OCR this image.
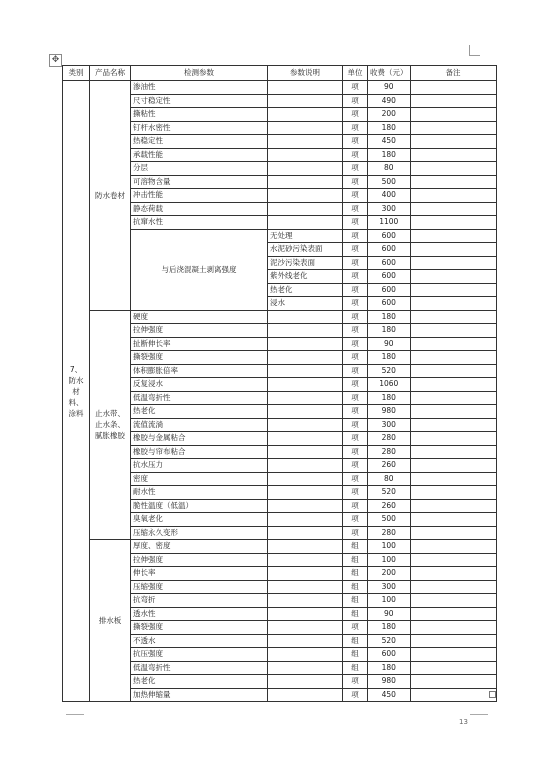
✥
类别	产品名称	检测参数	参数说明	单位	收费（元）	备注
7、防水材料、涂料	防水卷材	渗油性		项	90	
		尺寸稳定性		项	490	
		撕粘性		项	200	
		钉杆水密性		项	180	
		热稳定性		项	450	
		承载性能		项	180	
		分层		项	80	
		可溶物含量		项	500	
		冲击性能		项	400	
		静态荷载		项	300	
		抗窜水性		项	1100	
		与后浇混凝土剥离强度	无处理	项	600	
			水泥砂污染表面	项	600	
			泥沙污染表面	项	600	
			紫外线老化	项	600	
			热老化	项	600	
			浸水	项	600	
	止水带、止水条、腻胀橡胶	硬度		项	180	
		拉伸强度		项	180	
		扯断伸长率		项	90	
		撕裂强度		项	180	
		体积膨胀倍率		项	520	
		反复浸水		项	1060	
		低温弯折性		项	180	
		热老化		项	980	
		流值流淌		项	300	
		橡胶与金属粘合		项	280	
		橡胶与帘布粘合		项	280	
		抗水压力		项	260	
		密度		项	80	
		耐水性		项	520	
		脆性温度（低温）		项	260	
		臭氧老化		项	500	
		压缩永久变形		项	280	
	排水板	厚度、密度		组	100	
		拉伸强度		组	100	
		伸长率		组	200	
		压缩强度		组	300	
		抗弯折		组	100	
		透水性		组	90	
		撕裂强度		项	180	
		不透水		组	520	
		抗压强度		组	600	
		低温弯折性		组	180	
		热老化		项	980	
		加热伸缩量		项	450	
13
